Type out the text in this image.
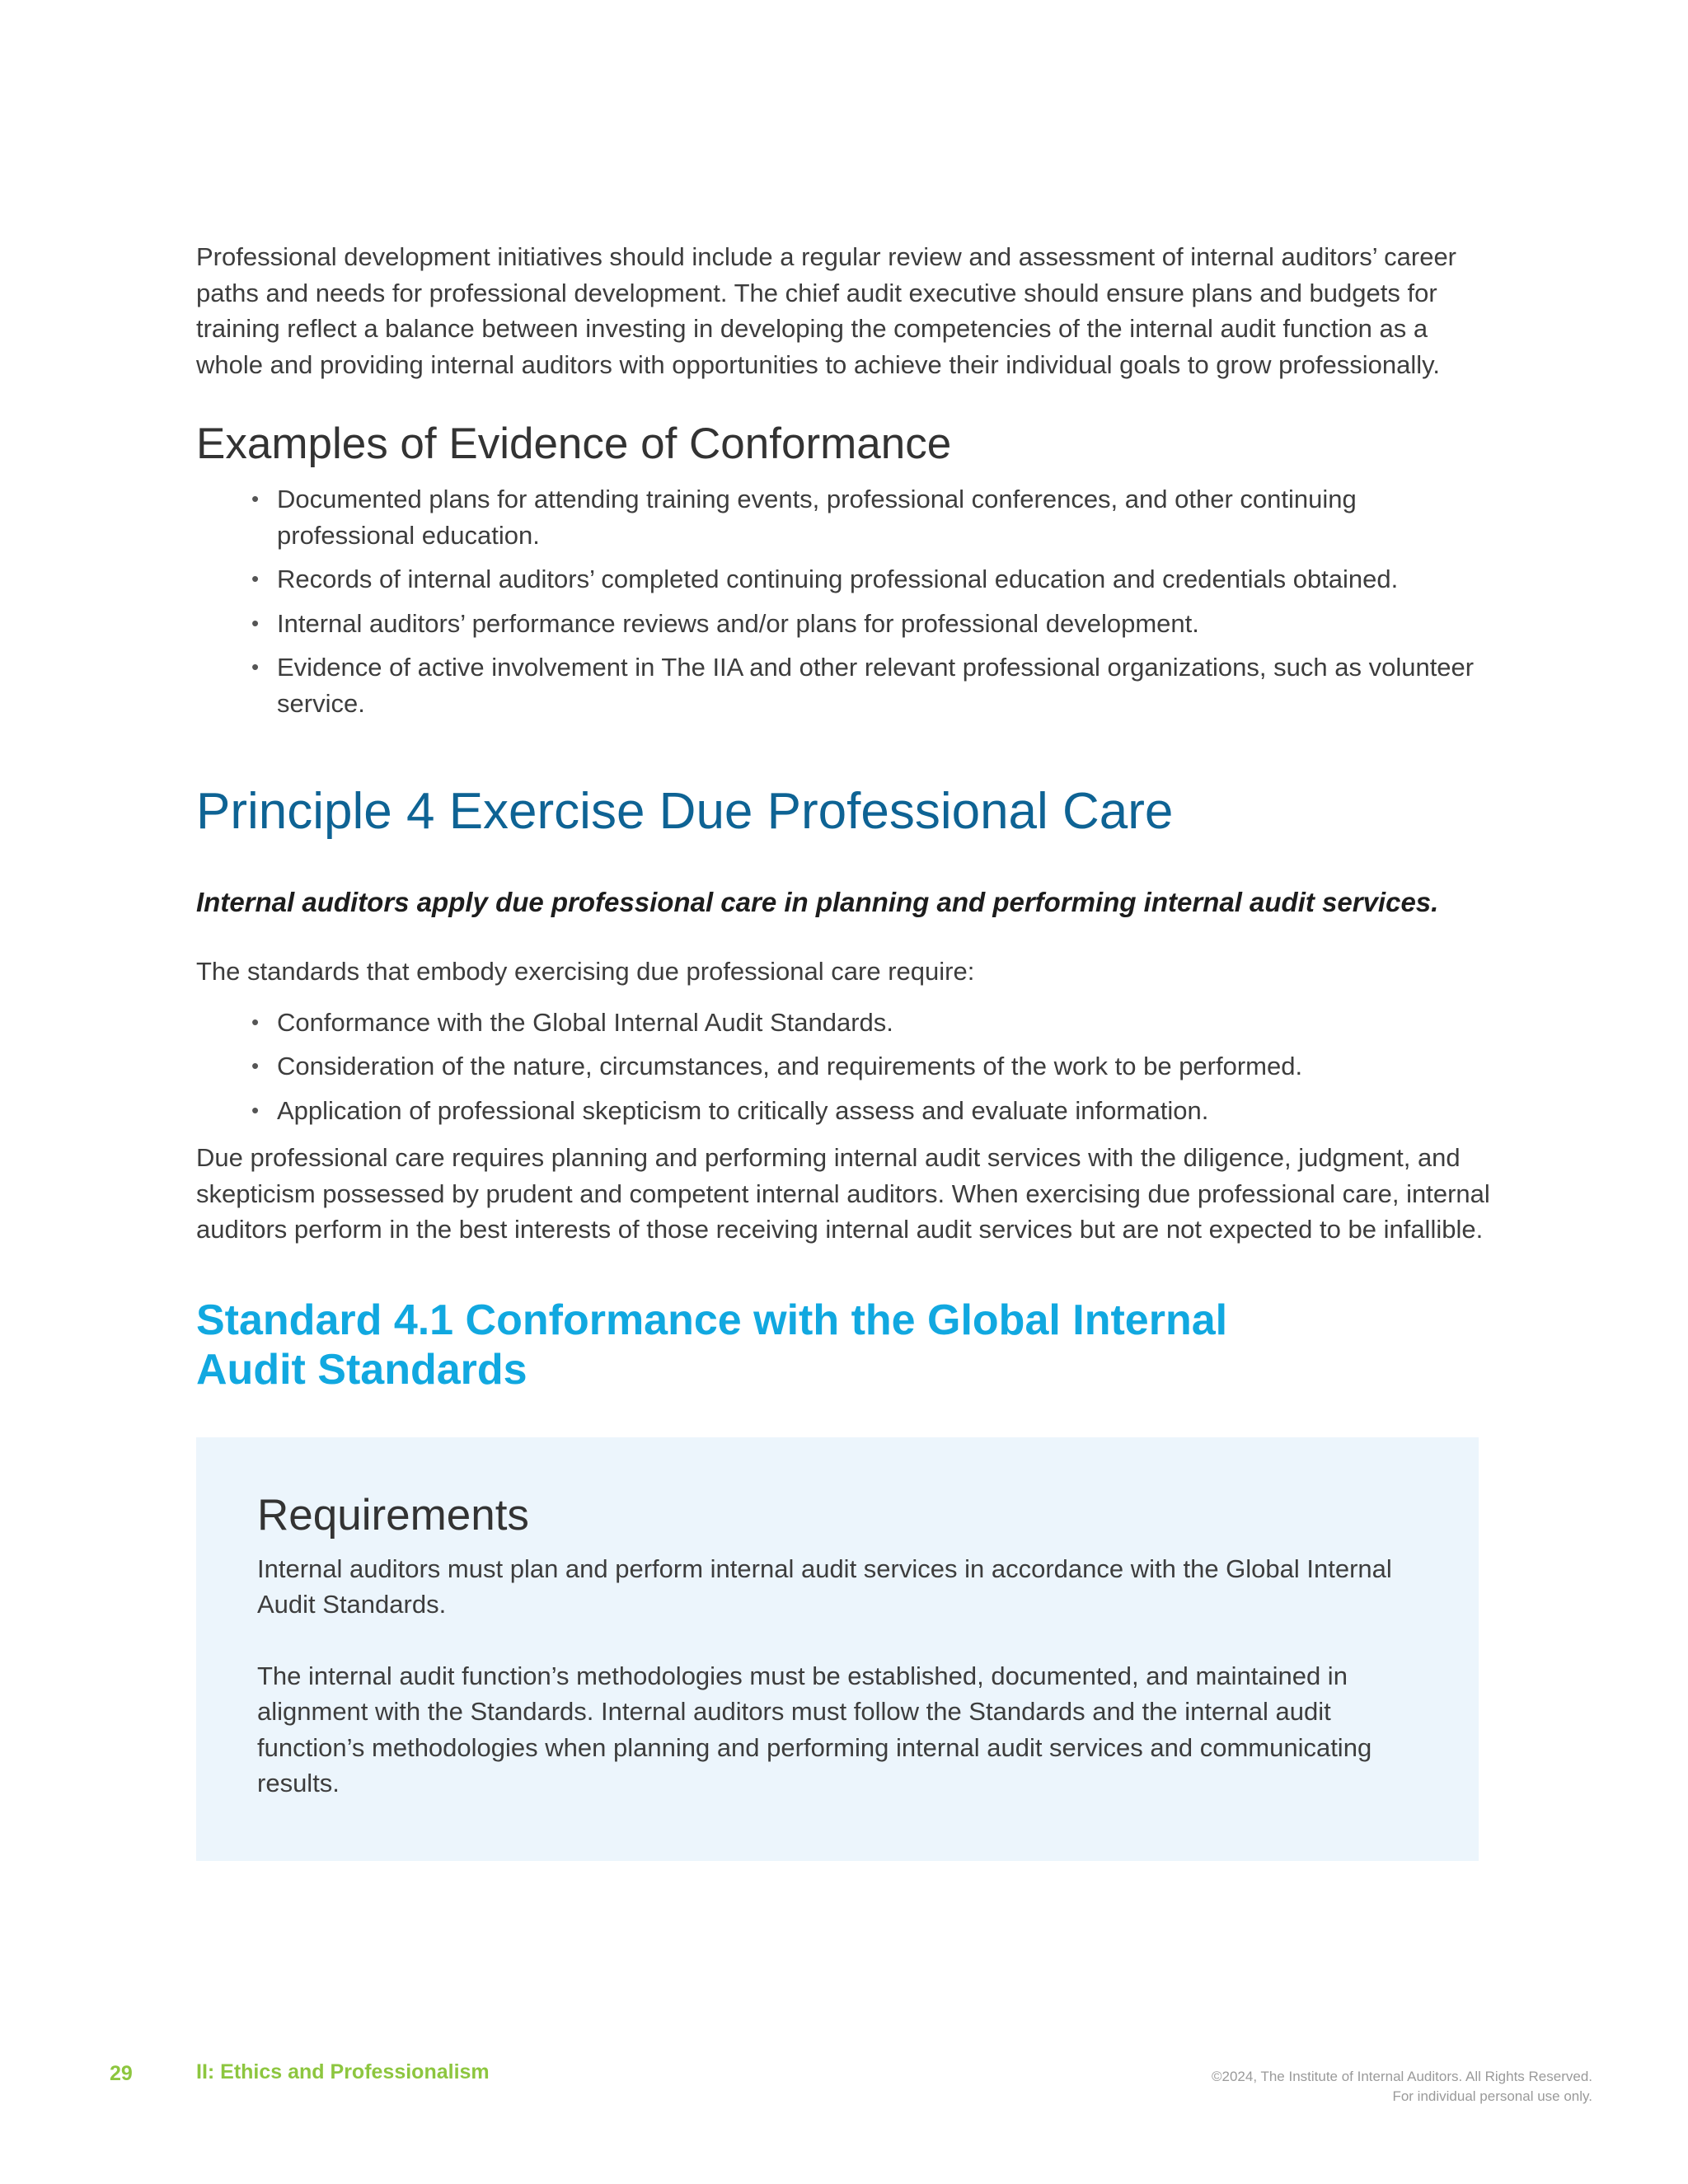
Professional development initiatives should include a regular review and assessment of internal auditors’ career paths and needs for professional development. The chief audit executive should ensure plans and budgets for training reflect a balance between investing in developing the competencies of the internal audit function as a whole and providing internal auditors with opportunities to achieve their individual goals to grow professionally.

Examples of Evidence of Conformance
• Documented plans for attending training events, professional conferences, and other continuing professional education.
• Records of internal auditors’ completed continuing professional education and credentials obtained.
• Internal auditors’ performance reviews and/or plans for professional development.
• Evidence of active involvement in The IIA and other relevant professional organizations, such as volunteer service.
Principle 4 Exercise Due Professional Care

Internal auditors apply due professional care in planning and performing internal audit services.

The standards that embody exercising due professional care require:

• Conformance with the Global Internal Audit Standards.
• Consideration of the nature, circumstances, and requirements of the work to be performed.
• Application of professional skepticism to critically assess and evaluate information.

Due professional care requires planning and performing internal audit services with the diligence, judgment, and skepticism possessed by prudent and competent internal auditors. When exercising due professional care, internal auditors perform in the best interests of those receiving internal audit services but are not expected to be infallible.

Standard 4.1 Conformance with the Global Internal Audit Standards
Requirements

Internal auditors must plan and perform internal audit services in accordance with the Global Internal Audit Standards.

The internal audit function’s methodologies must be established, documented, and maintained in alignment with the Standards. Internal auditors must follow the Standards and the internal audit function’s methodologies when planning and performing internal audit services and communicating results.

29	II: Ethics and Professionalism	©2024, The Institute of Internal Auditors. All Rights Reserved.
For individual personal use only.
